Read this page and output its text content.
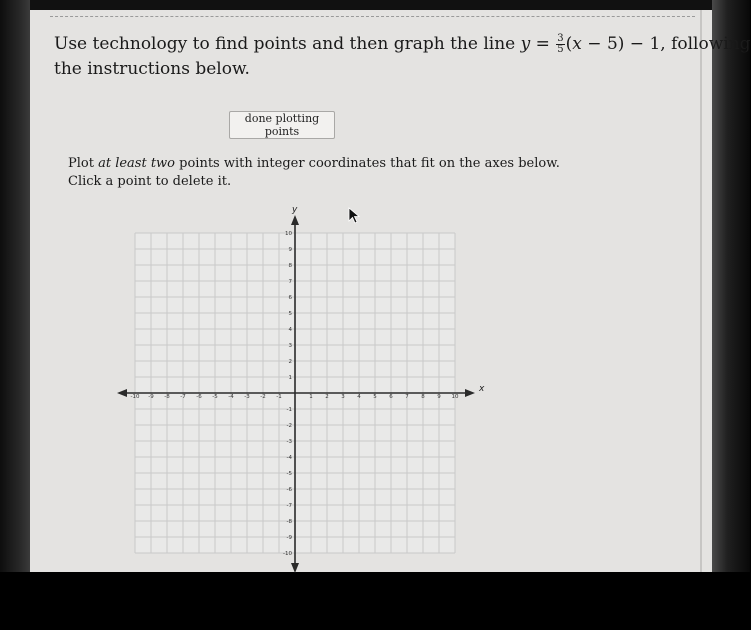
Use technology to find points and then graph the line $y = \frac{3}{5} (x - 5) - 1$, following
the instructions below.
done plotting points
Plot at least two points with integer coordinates that fit on the axes below.
Click a point to delete it.
x
y
-10 -9 -8 -7 -6 -5 -4 -3 -2 -1	1 2 3 4 5 6 7 8 9 10
-10
-9
-8
-7
-6
-5
-4
-3
-2
-1
1
2
3
4
5
6
7
8
9
10
